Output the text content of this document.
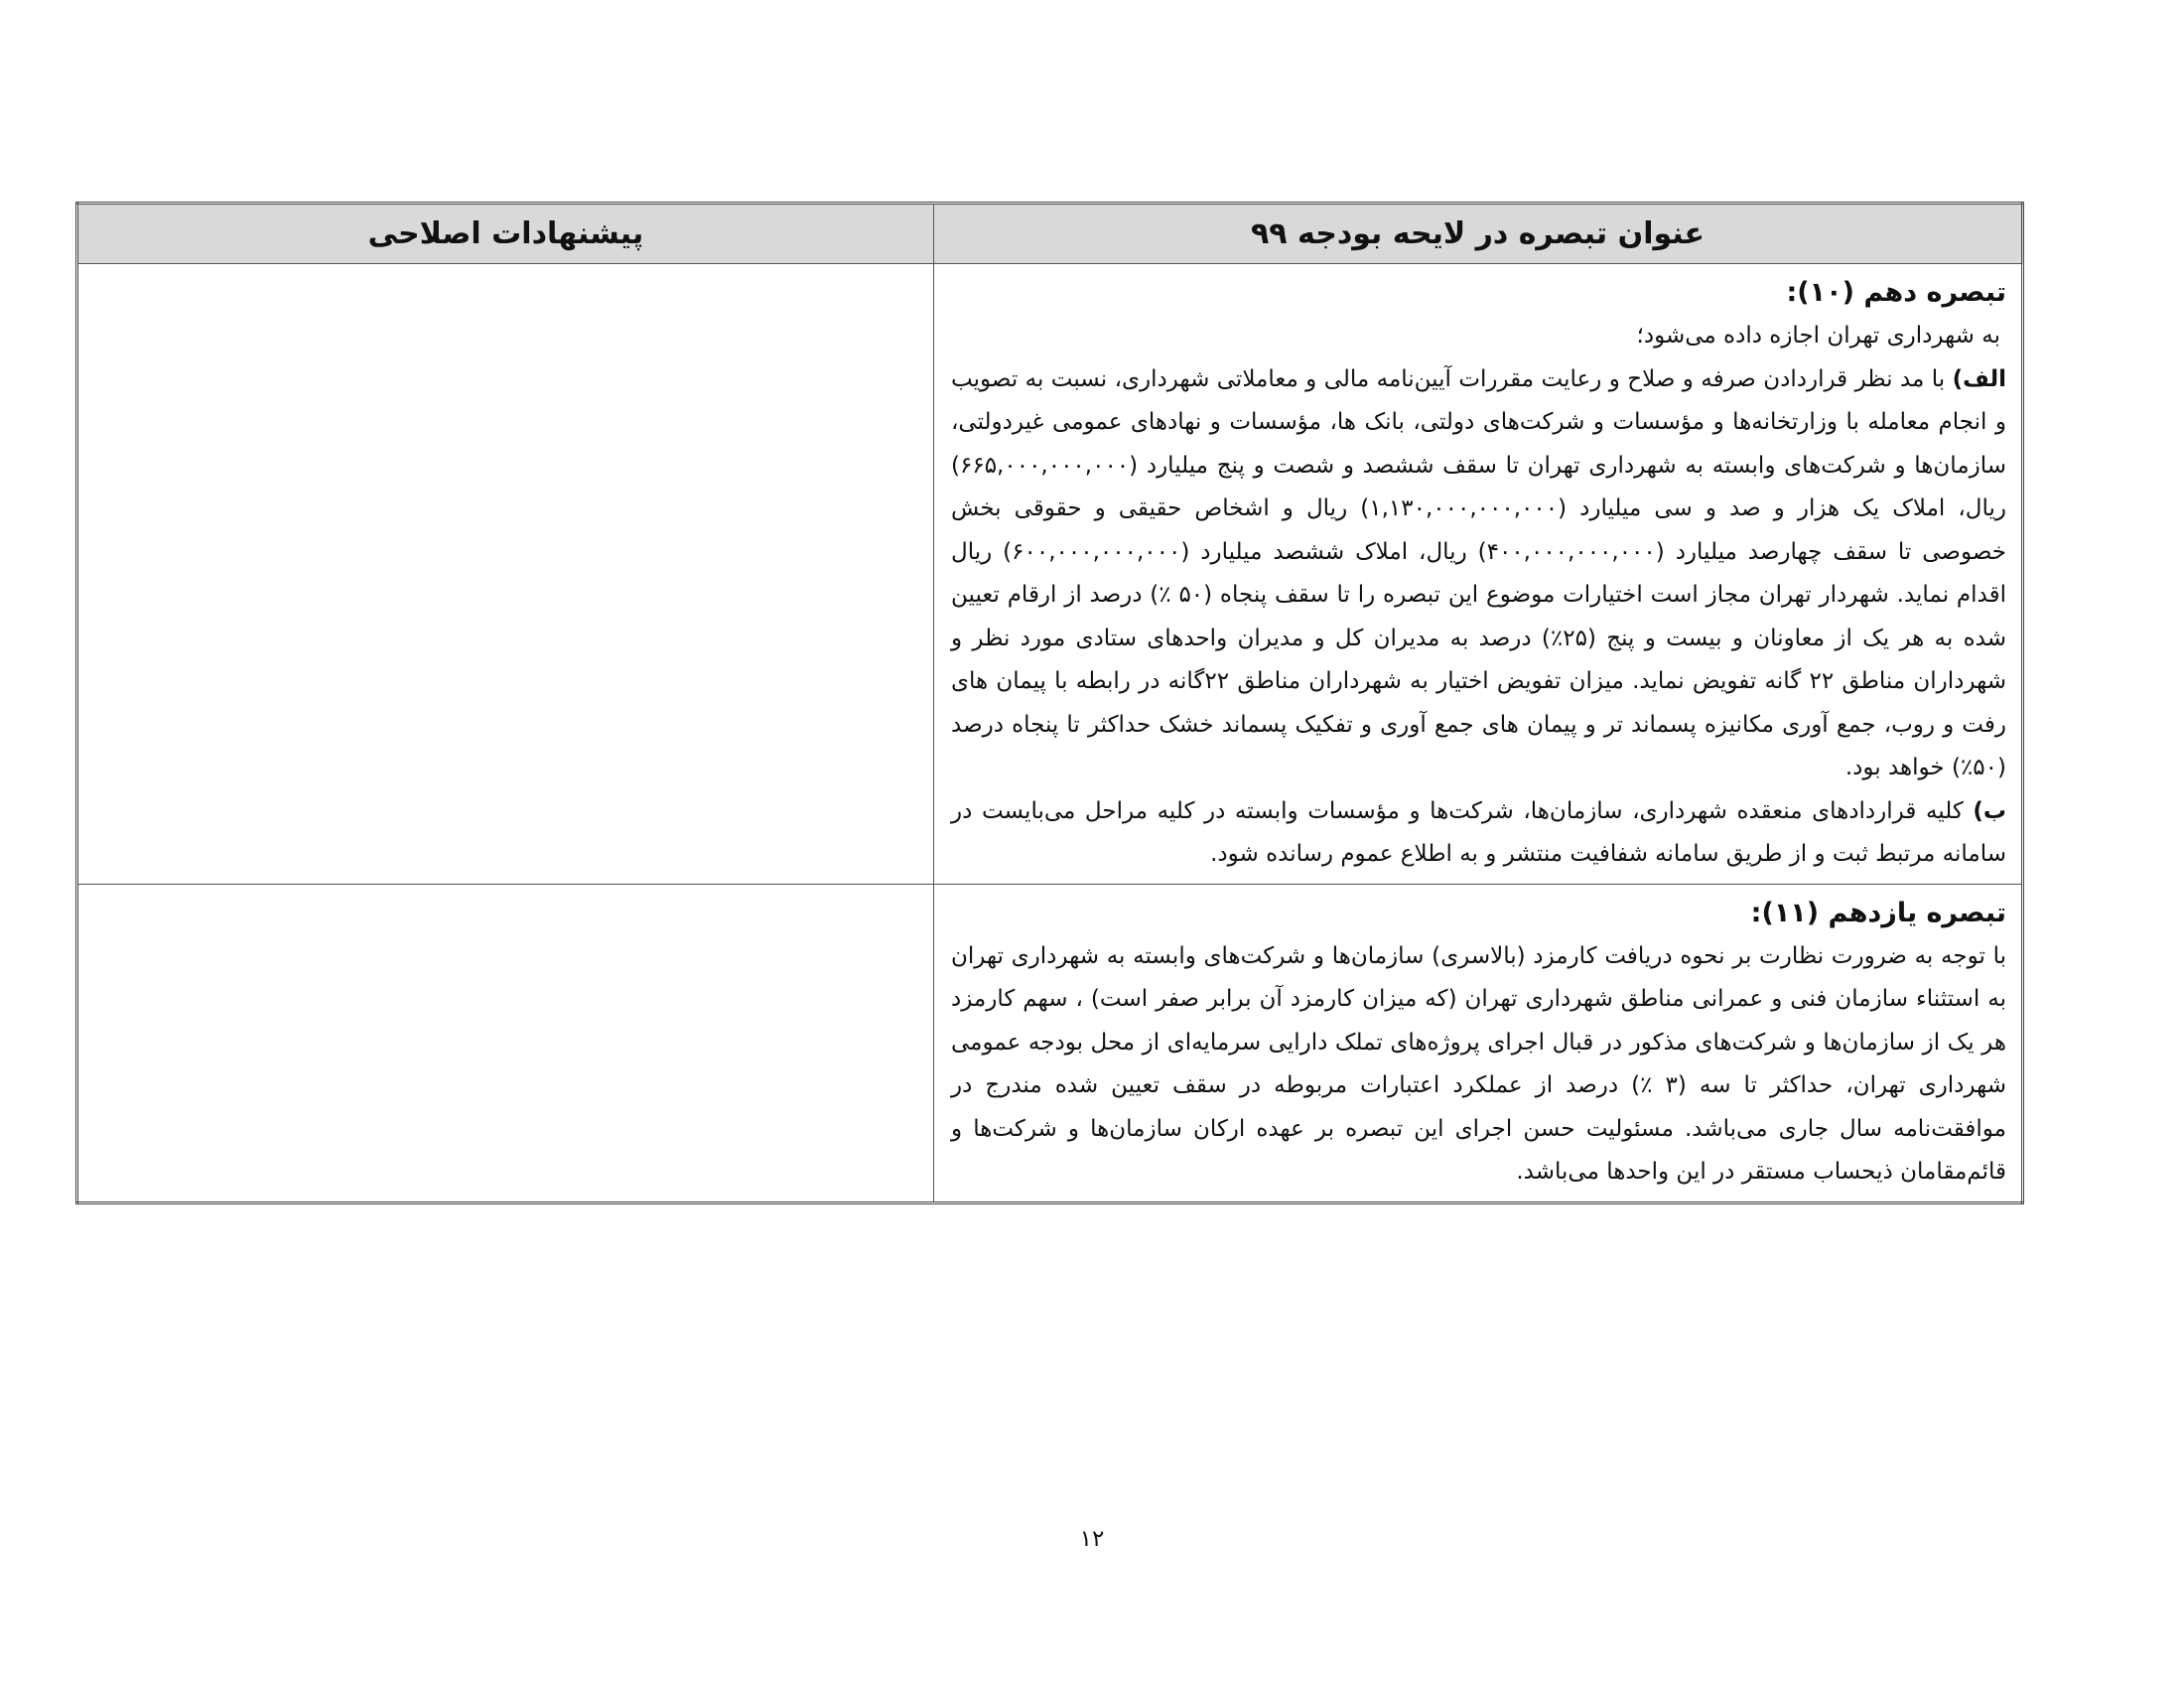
عنوان تبصره در لایحه بودجه ۹۹	پیشنهادات اصلاحی

تبصره دهم (۱۰):

به شهرداری تهران اجازه داده می‌شود؛

الف) با مد نظر قراردادن صرفه و صلاح و رعایت مقررات آیین‌نامه مالی و معاملاتی شهرداری، نسبت به تصویب و انجام معامله با وزارتخانه‌ها و مؤسسات و شرکت‌های دولتی، بانک ها، مؤسسات و نهادهای عمومی غیردولتی، سازمان‌ها و شرکت‌های وابسته به شهرداری تهران تا سقف ششصد و شصت و پنج میلیارد (۶۶۵,۰۰۰,۰۰۰,۰۰۰) ریال، املاک یک هزار و صد و سی میلیارد (۱,۱۳۰,۰۰۰,۰۰۰,۰۰۰) ریال و اشخاص حقیقی و حقوقی بخش خصوصی تا سقف چهارصد میلیارد (۴۰۰,۰۰۰,۰۰۰,۰۰۰) ریال، املاک ششصد میلیارد (۶۰۰,۰۰۰,۰۰۰,۰۰۰) ریال اقدام نماید. شهردار تهران مجاز است اختیارات موضوع این تبصره را تا سقف پنجاه (۵۰ ٪) درصد از ارقام تعیین شده به هر یک از معاونان و بیست و پنج (۲۵٪) درصد به مدیران کل و مدیران واحدهای ستادی مورد نظر و شهرداران مناطق ۲۲ گانه تفویض نماید. میزان تفویض اختیار به شهرداران مناطق ۲۲گانه در رابطه با پیمان های رفت و روب، جمع آوری مکانیزه پسماند تر و پیمان های جمع آوری و تفکیک پسماند خشک حداکثر تا پنجاه درصد (۵۰٪) خواهد بود.

ب) کلیه قراردادهای منعقده شهرداری، سازمان‌ها، شرکت‌ها و مؤسسات وابسته در کلیه مراحل می‌بایست در سامانه مرتبط ثبت و از طریق سامانه شفافیت منتشر و به اطلاع عموم رسانده شود.	

تبصره یازدهم (۱۱):

با توجه به ضرورت نظارت بر نحوه دریافت کارمزد (بالاسری) سازمان‌ها و شرکت‌های وابسته به شهرداری تهران به استثناء سازمان فنی و عمرانی مناطق شهرداری تهران (که میزان کارمزد آن برابر صفر است) ، سهم کارمزد هر یک از سازمان‌ها و شرکت‌های مذکور در قبال اجرای پروژه‌های تملک دارایی سرمایه‌ای از محل بودجه عمومی شهرداری تهران، حداکثر تا سه (۳ ٪) درصد از عملکرد اعتبارات مربوطه در سقف تعیین شده مندرج در موافقت‌نامه سال جاری می‌باشد. مسئولیت حسن اجرای این تبصره بر عهده ارکان سازمان‌ها و شرکت‌ها و قائم‌مقامان ذیحساب مستقر در این واحدها می‌باشد.	

۱۲
